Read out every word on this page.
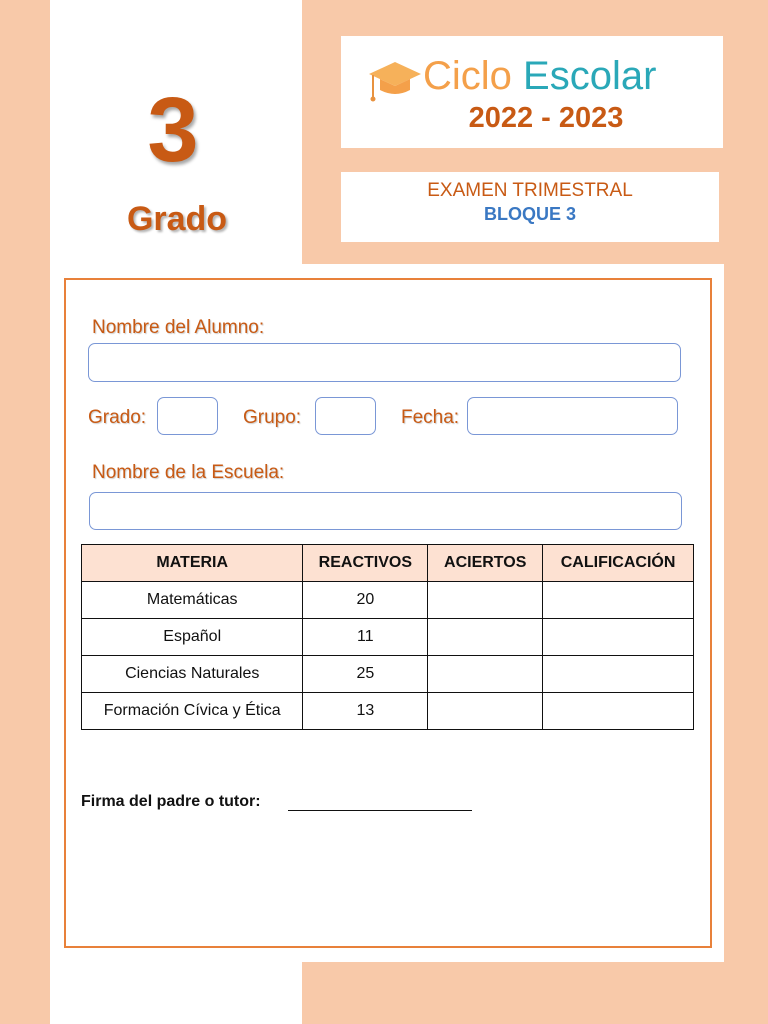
3
Grado
Ciclo Escolar
2022 - 2023
EXAMEN TRIMESTRAL
BLOQUE 3
Nombre del Alumno:
Grado:	Grupo:	Fecha:
Nombre de la Escuela:
MATERIA	REACTIVOS	ACIERTOS	CALIFICACIÓN
Matemáticas	20		
Español	11		
Ciencias Naturales	25		
Formación Cívica y Ética	13		
Firma del padre o tutor:
